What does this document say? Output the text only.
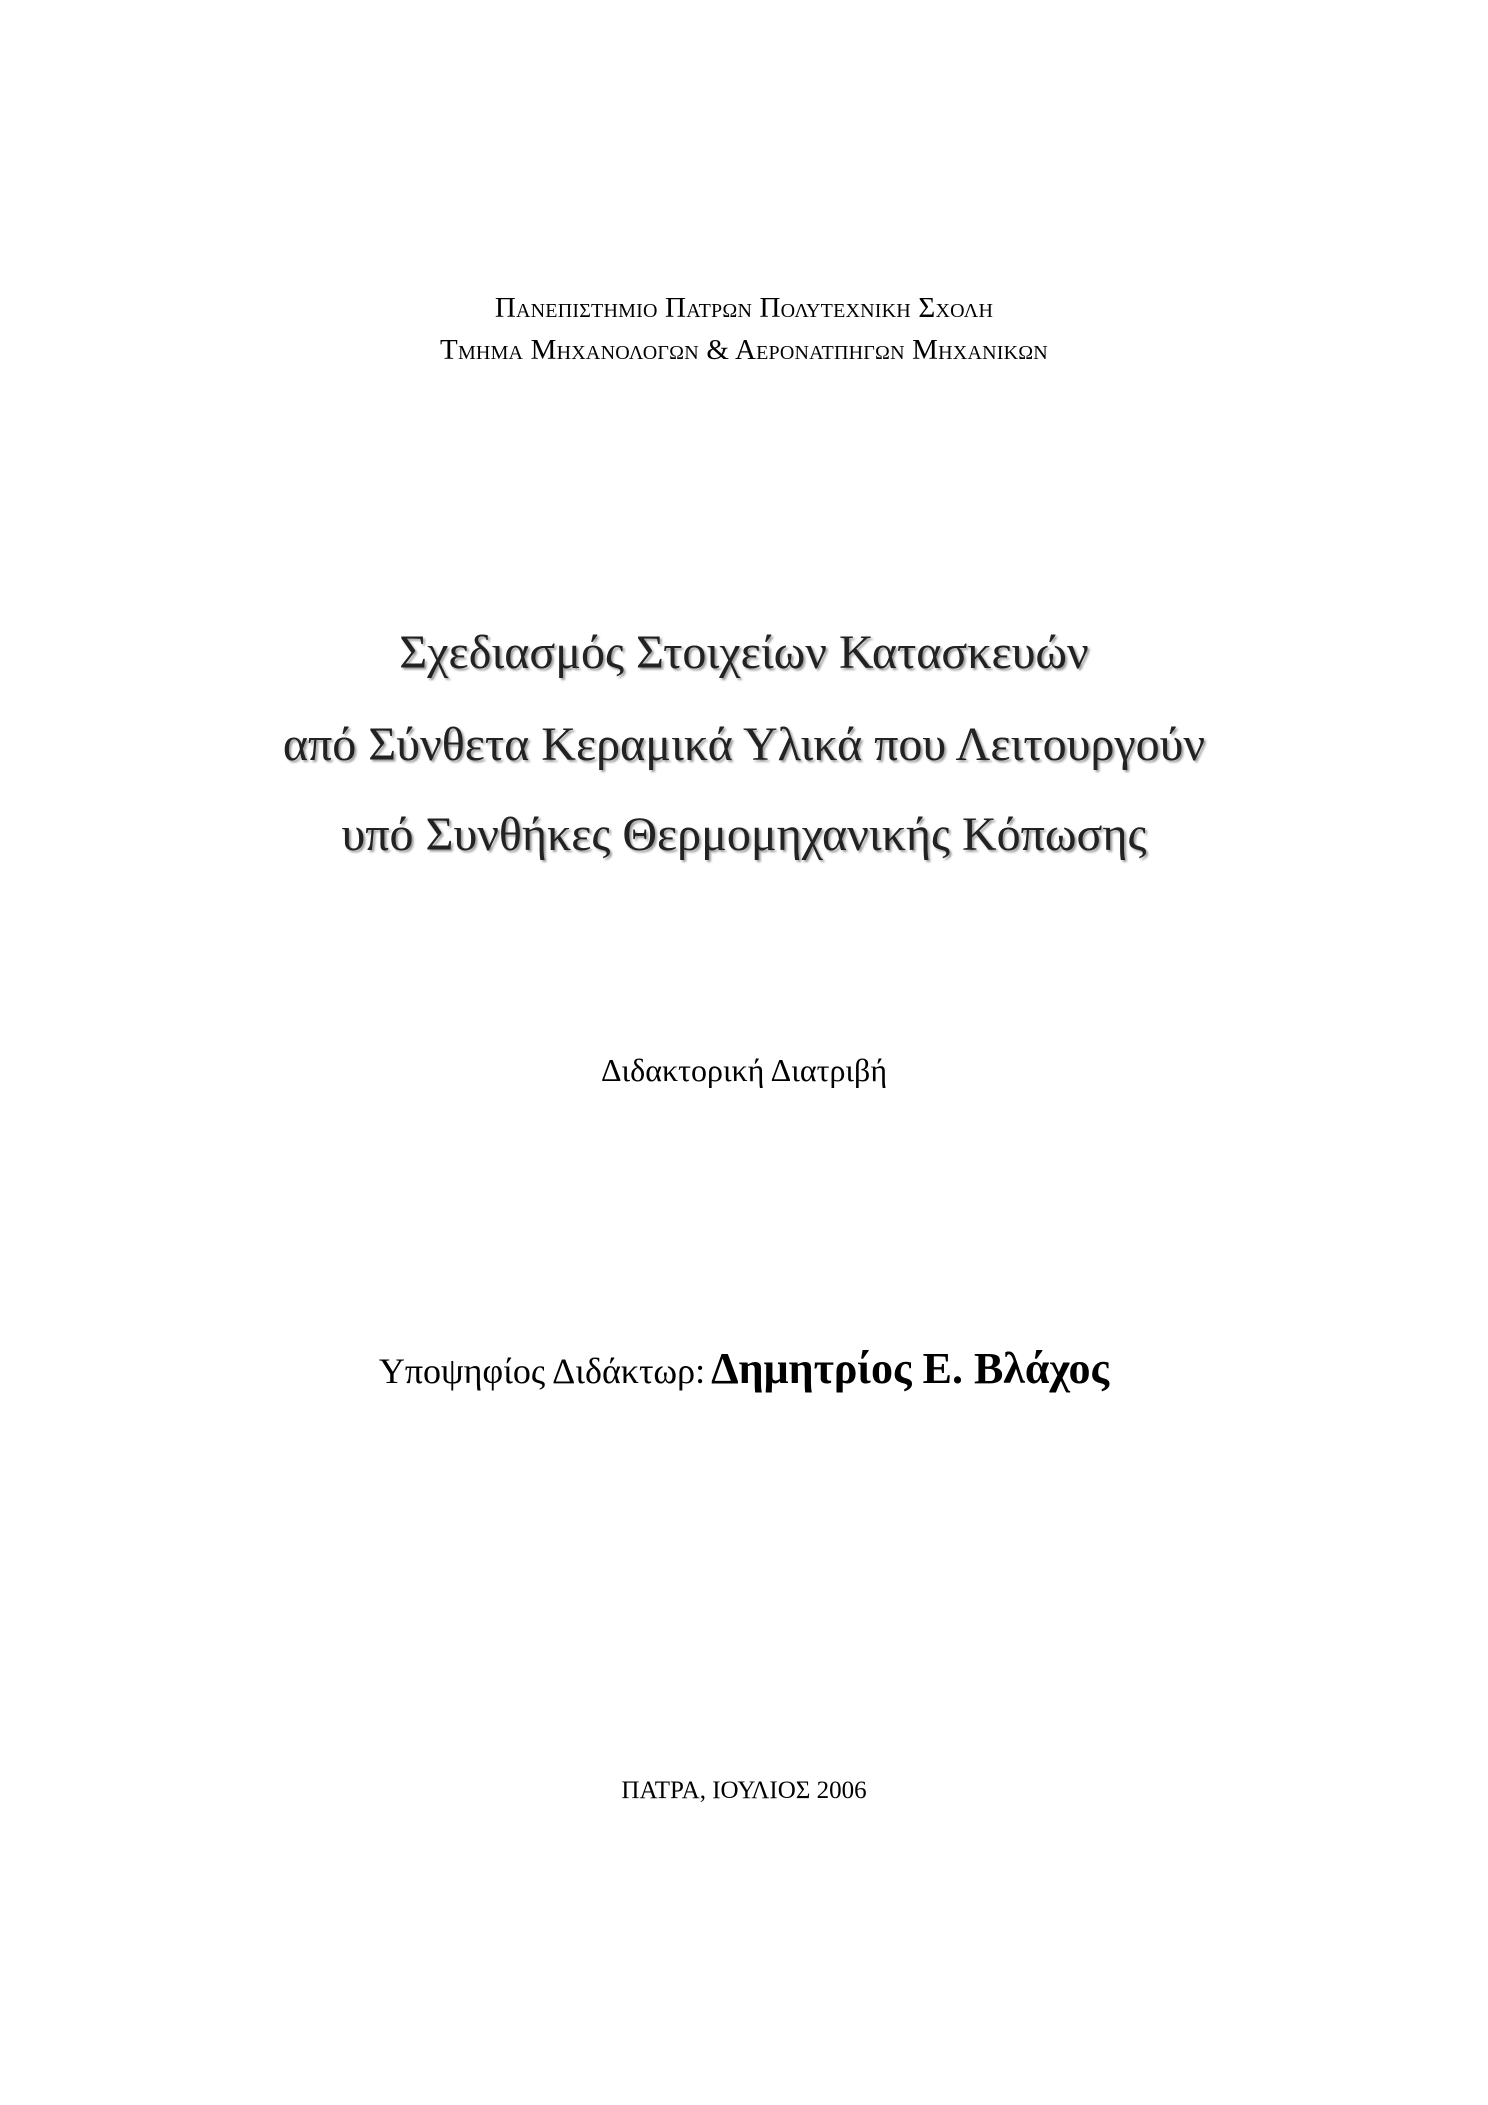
Πανεπιστημιο Πατρων Πολυτεχνικη Σχολη
Τμημα Μηχανολογων & Αερονατπηγων Μηχανικων
Σχεδιασμός Στοιχείων Κατασκευών
από Σύνθετα Κεραμικά Υλικά που Λειτουργούν
υπό Συνθήκες Θερμομηχανικής Κόπωσης
Διδακτορική Διατριβή
Υποψηφίος Διδάκτωρ: Δημητρίος Ε. Βλάχος
ΠΑΤΡΑ, ΙΟΥΛΙΟΣ 2006
